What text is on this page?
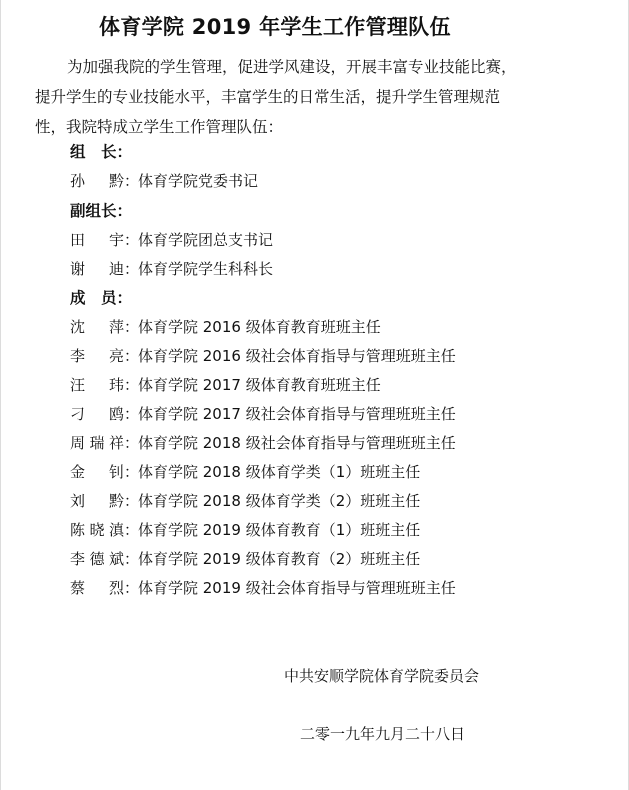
体育学院 2019 年学生工作管理队伍
为加强我院的学生管理，促进学风建设，开展丰富专业技能比赛，
提升学生的专业技能水平，丰富学生的日常生活，提升学生管理规范
性，我院特成立学生工作管理队伍：
组　长：
孙　黔：体育学院党委书记
副组长：
田　宇：体育学院团总支书记
谢　迪：体育学院学生科科长
成　员：
沈　萍：体育学院 2016 级体育教育班班主任
李　亮：体育学院 2016 级社会体育指导与管理班班主任
汪　玮：体育学院 2017 级体育教育班班主任
刁　鸥：体育学院 2017 级社会体育指导与管理班班主任
周瑞祥：体育学院 2018 级社会体育指导与管理班班主任
金　钊：体育学院 2018 级体育学类（1）班班主任
刘　黔：体育学院 2018 级体育学类（2）班班主任
陈晓滇：体育学院 2019 级体育教育（1）班班主任
李德斌：体育学院 2019 级体育教育（2）班班主任
蔡　烈：体育学院 2019 级社会体育指导与管理班班主任
中共安顺学院体育学院委员会
二零一九年九月二十八日
